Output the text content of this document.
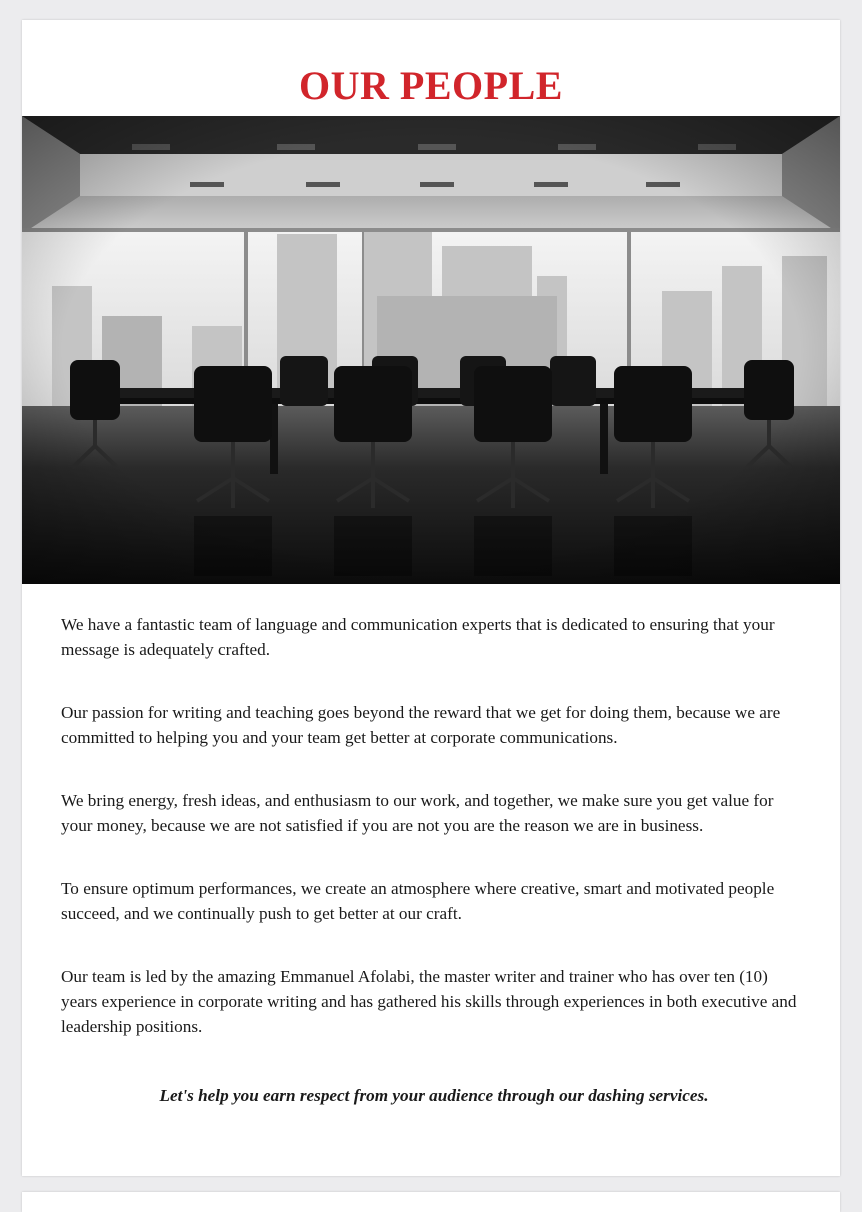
OUR PEOPLE

We have a fantastic team of language and communication experts that is dedicated to ensuring that your message is adequately crafted.

Our passion for writing and teaching goes beyond the reward that we get for doing them, because we are committed to helping you and your team get better at corporate communications.

We bring energy, fresh ideas, and enthusiasm to our work, and together, we make sure you get value for your money, because we are not satisfied if you are not you are the reason we are in business.

To ensure optimum performances, we create an atmosphere where creative, smart and motivated people succeed, and we continually push to get better at our craft.

Our team is led by the amazing Emmanuel Afolabi, the master writer and trainer who has over ten (10) years experience in corporate writing and has gathered his skills through experiences in both executive and leadership positions.

Let's help you earn respect from your audience through our dashing services.
